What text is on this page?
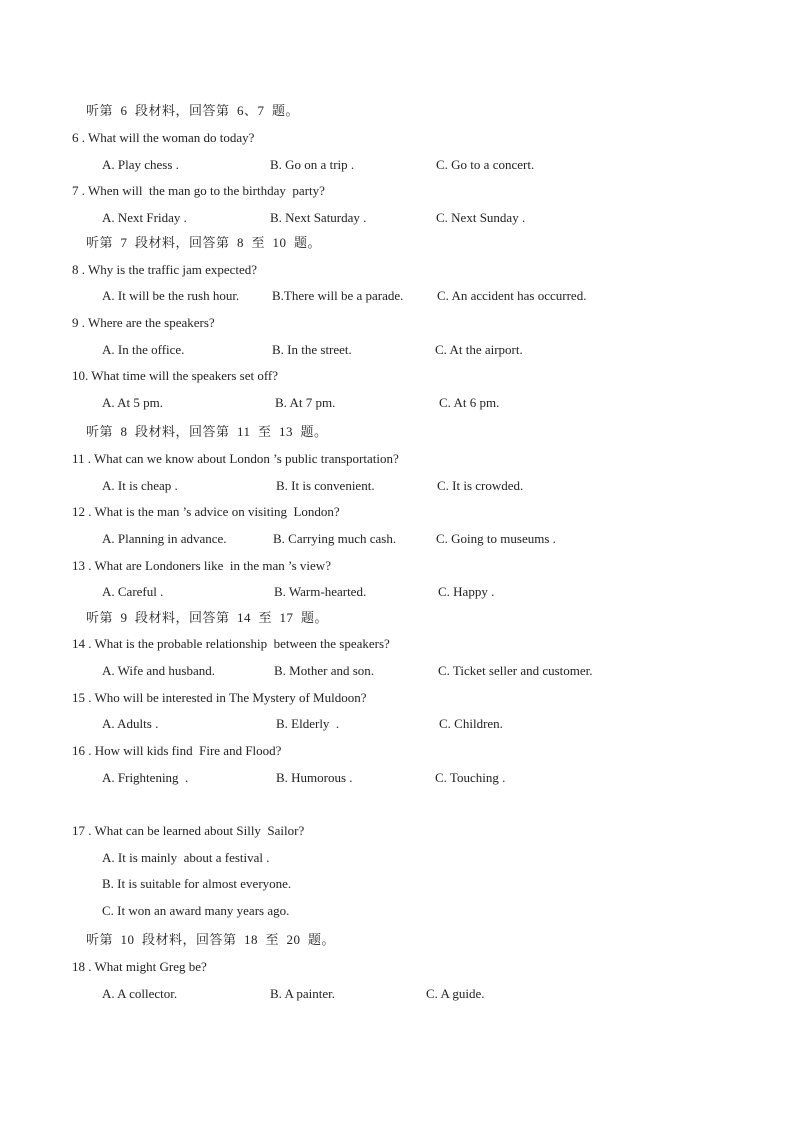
听第  6  段材料，回答第  6、7  题。
6 . What will the woman do today?
A. Play chess .	B. Go on a trip .	C. Go to a concert.
7 . When will  the man go to the birthday  party?
A. Next Friday .	B. Next Saturday .	C. Next Sunday .
听第  7  段材料，回答第  8  至  10  题。
8 . Why is the traffic jam expected?
A. It will be the rush hour.	B.There will be a parade.	C. An accident has occurred.
9 . Where are the speakers?
A. In the office.	B. In the street.	C. At the airport.
10. What time will the speakers set off?
A. At 5 pm.	B. At 7 pm.	C. At 6 pm.
听第  8  段材料，回答第  11  至  13  题。
11 . What can we know about London ’s public transportation?
A. It is cheap .	B. It is convenient.	C. It is crowded.
12 . What is the man ’s advice on visiting  London?
A. Planning in advance.	B. Carrying much cash.	C. Going to museums .
13 . What are Londoners like  in the man ’s view?
A. Careful .	B. Warm-hearted.	C. Happy .
听第  9  段材料，回答第  14  至  17  题。
14 . What is the probable relationship  between the speakers?
A. Wife and husband.	B. Mother and son.	C. Ticket seller and customer.
15 . Who will be interested in The Mystery of Muldoon?
A. Adults .	B. Elderly  .	C. Children.
16 . How will kids find  Fire and Flood?
A. Frightening  .	B. Humorous .	C. Touching .
17 . What can be learned about Silly  Sailor?
A. It is mainly  about a festival .
B. It is suitable for almost everyone.
C. It won an award many years ago.
听第  10  段材料，回答第  18  至  20  题。
18 . What might Greg be?
A. A collector.	B. A painter.	C. A guide.
